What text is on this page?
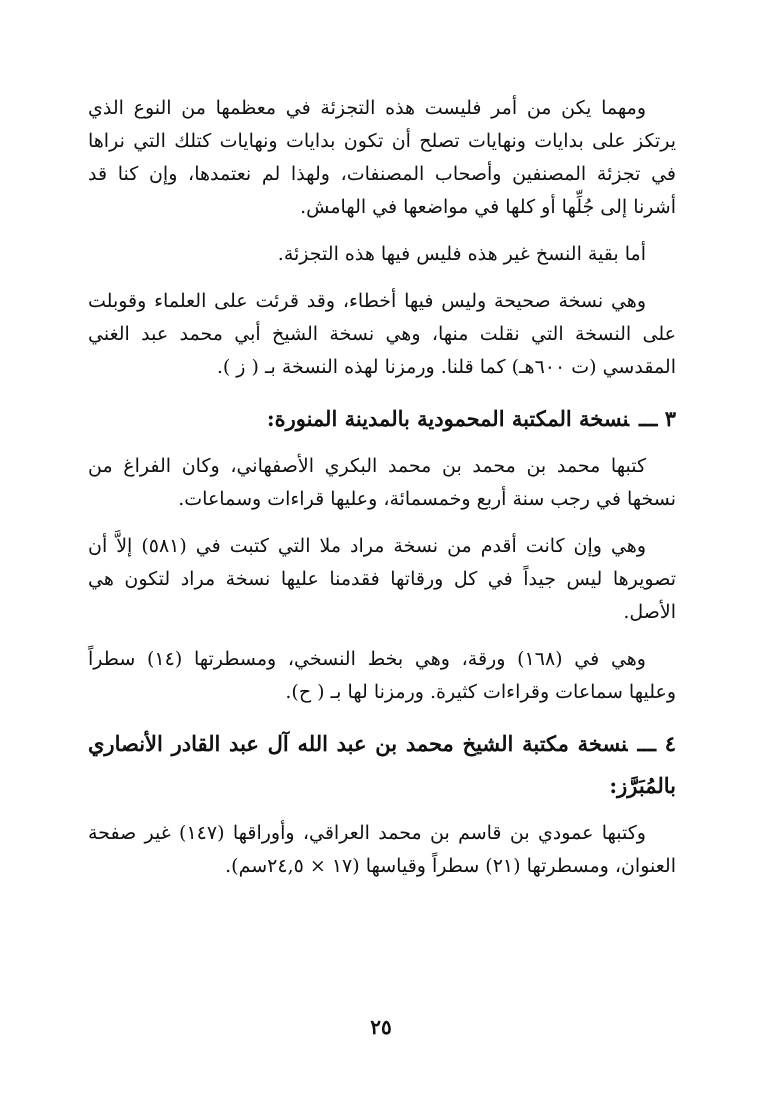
ومهما يكن من أمر فليست هذه التجزئة في معظمها من النوع الذي يرتكز على بدايات ونهايات تصلح أن تكون بدايات ونهايات كتلك التي نراها في تجزئة المصنفين وأصحاب المصنفات، ولهذا لم نعتمدها، وإن كنا قد أشرنا إلى جُلِّها أو كلها في مواضعها في الهامش.

أما بقية النسخ غير هذه فليس فيها هذه التجزئة.

وهي نسخة صحيحة وليس فيها أخطاء، وقد قرئت على العلماء وقوبلت على النسخة التي نقلت منها، وهي نسخة الشيخ أبي محمد عبد الغني المقدسي (ت ٦٠٠هـ) كما قلنا. ورمزنا لهذه النسخة بـ ( ز ).

٣ ـــنسخة المكتبة المحمودية بالمدينة المنورة:

كتبها محمد بن محمد بن محمد البكري الأصفهاني، وكان الفراغ من نسخها في رجب سنة أربع وخمسمائة، وعليها قراءات وسماعات.

وهي وإن كانت أقدم من نسخة مراد ملا التي كتبت في (٥٨١) إلاَّ أن تصويرها ليس جيداً في كل ورقاتها فقدمنا عليها نسخة مراد لتكون هي الأصل.

وهي في (١٦٨) ورقة، وهي بخط النسخي، ومسطرتها (١٤) سطراً وعليها سماعات وقراءات كثيرة. ورمزنا لها بـ ( ح).

٤ ـــنسخة مكتبة الشيخ محمد بن عبد الله آل عبد القادر الأنصاري بالمُبَرَّز:

وكتبها عمودي بن قاسم بن محمد العراقي، وأوراقها (١٤٧) غير صفحة العنوان، ومسطرتها (٢١) سطراً وقياسها (١٧ × ٢٤,٥سم).

٢٥
